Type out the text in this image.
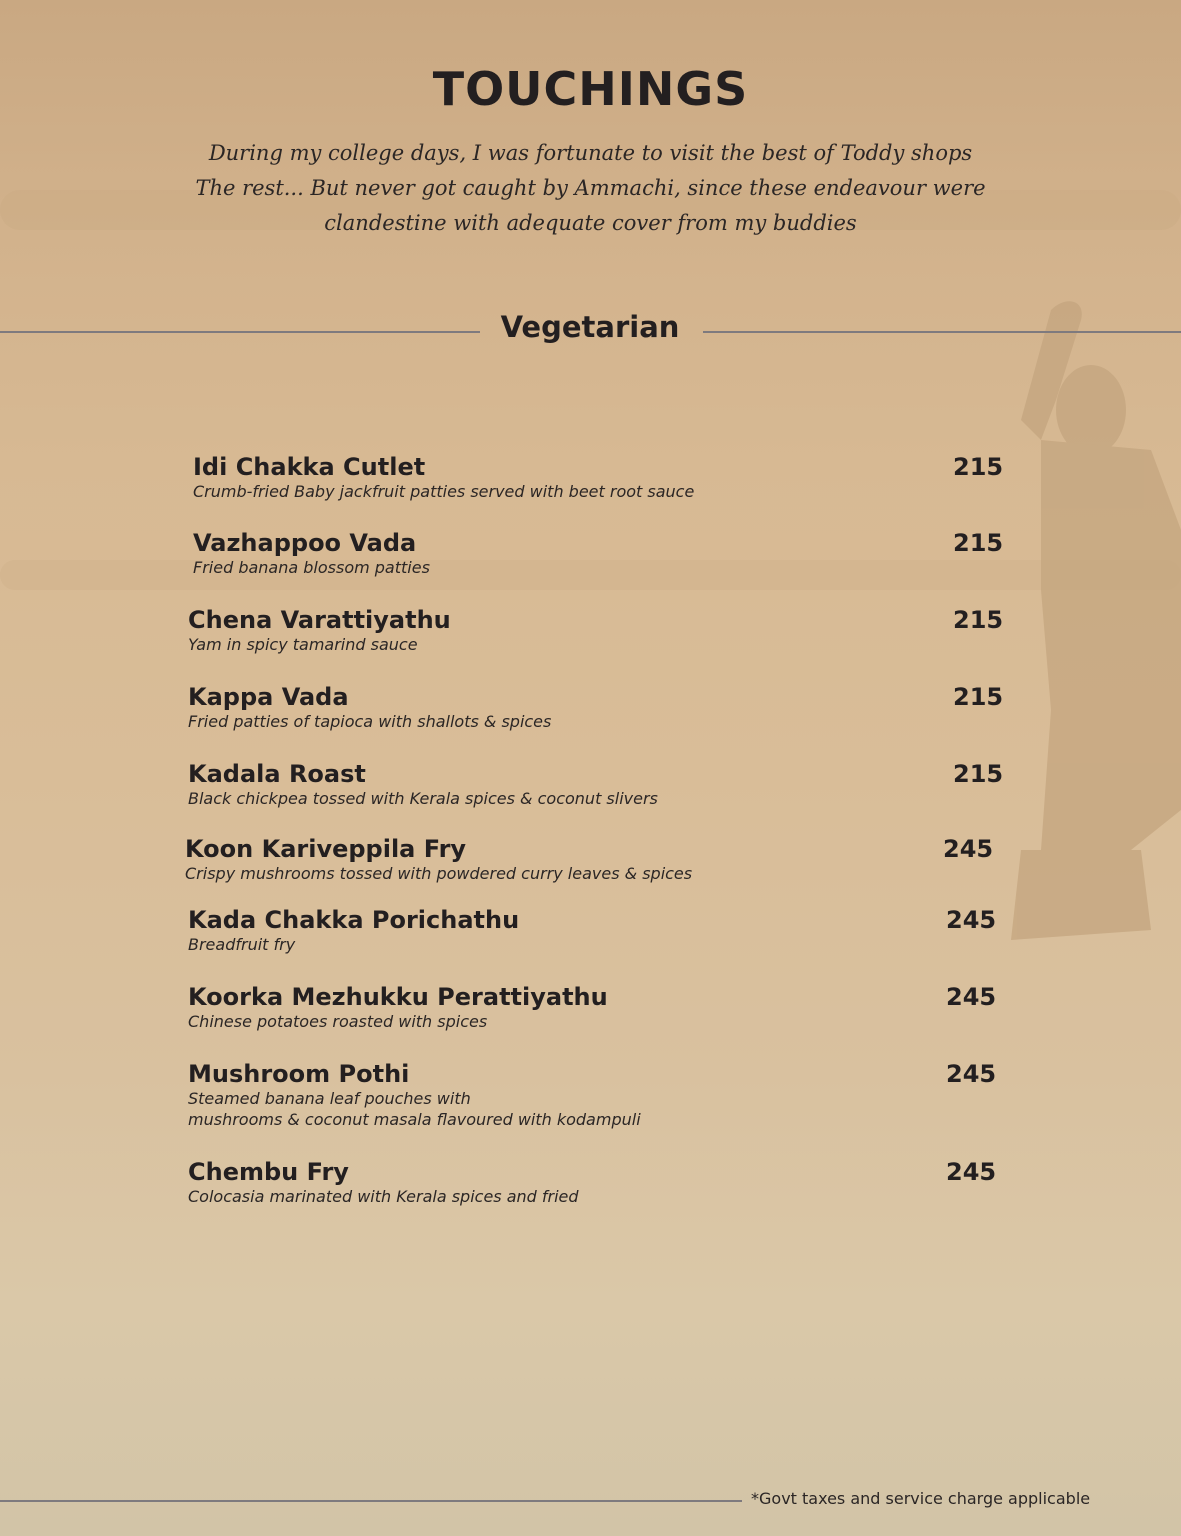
TOUCHINGS
During my college days, I was fortunate to visit the best of Toddy shops
The rest... But never got caught by Ammachi, since these endeavour were
clandestine with adequate cover from my buddies
Vegetarian
Idi Chakka Cutlet
Crumb-fried Baby jackfruit patties served with beet root sauce
215
Vazhappoo Vada
Fried banana blossom patties
215
Chena Varattiyathu
Yam in spicy tamarind sauce
215
Kappa Vada
Fried patties of tapioca with shallots & spices
215
Kadala Roast
Black chickpea tossed with Kerala spices & coconut slivers
215
Koon Kariveppila Fry
Crispy mushrooms tossed with powdered curry leaves & spices
245
Kada Chakka Porichathu
Breadfruit fry
245
Koorka Mezhukku Perattiyathu
Chinese potatoes roasted with spices
245
Mushroom Pothi
Steamed banana leaf pouches with
mushrooms & coconut masala flavoured with kodampuli
245
Chembu Fry
Colocasia marinated with Kerala spices and fried
245
*Govt taxes and service charge applicable
